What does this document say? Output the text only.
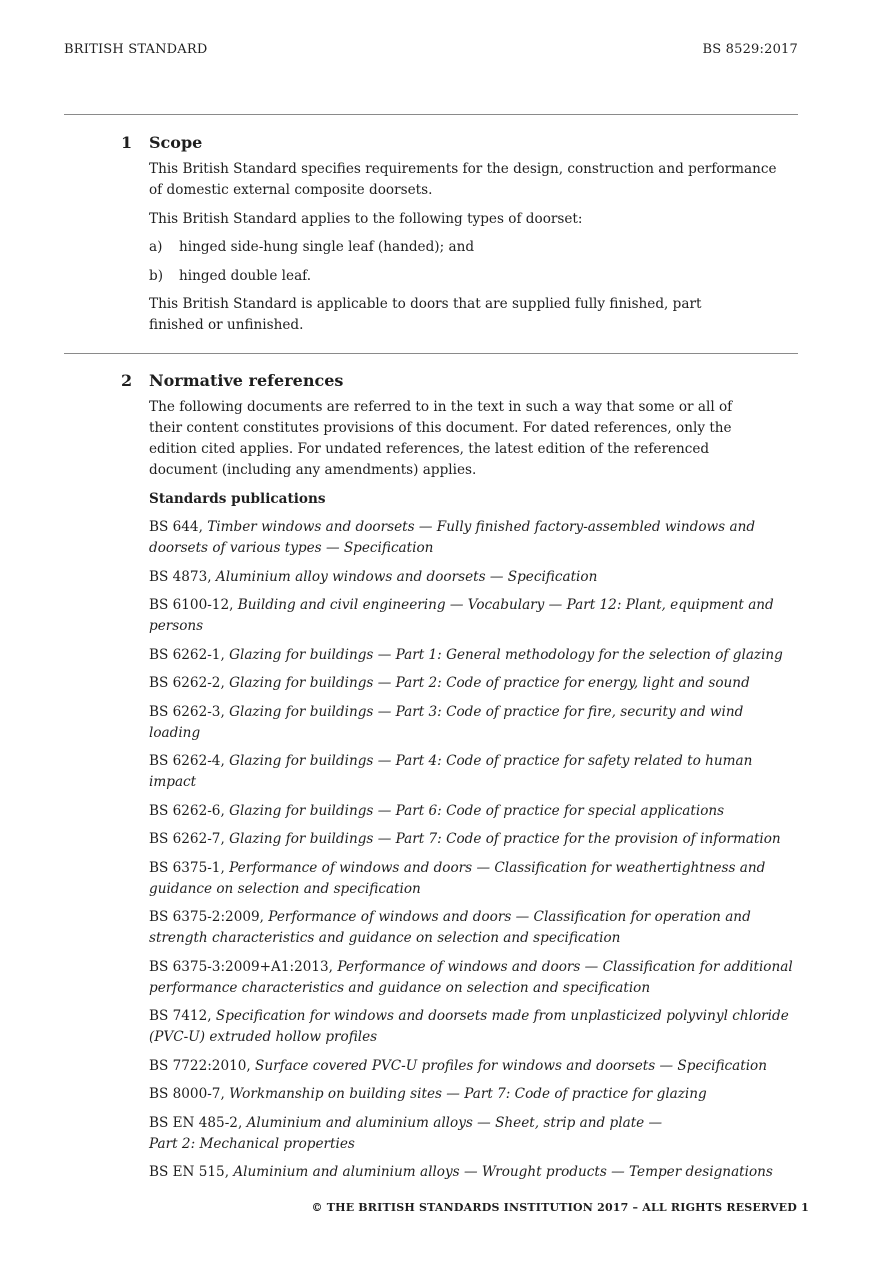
BRITISH STANDARD	BS 8529:2017
1 Scope

This British Standard specifies requirements for the design, construction and performance of domestic external composite doorsets.

This British Standard applies to the following types of doorset:

a) hinged side-hung single leaf (handed); and
b) hinged double leaf.

This British Standard is applicable to doors that are supplied fully finished, part finished or unfinished.

2 Normative references

The following documents are referred to in the text in such a way that some or all of their content constitutes provisions of this document. For dated references, only the edition cited applies. For undated references, the latest edition of the referenced document (including any amendments) applies.

Standards publications
BS 644, Timber windows and doorsets — Fully finished factory-assembled windows and doorsets of various types — Specification
BS 4873, Aluminium alloy windows and doorsets — Specification
BS 6100-12, Building and civil engineering — Vocabulary — Part 12: Plant, equipment and persons
BS 6262-1, Glazing for buildings — Part 1: General methodology for the selection of glazing
BS 6262-2, Glazing for buildings — Part 2: Code of practice for energy, light and sound
BS 6262-3, Glazing for buildings — Part 3: Code of practice for fire, security and wind loading
BS 6262-4, Glazing for buildings — Part 4: Code of practice for safety related to human impact
BS 6262-6, Glazing for buildings — Part 6: Code of practice for special applications
BS 6262-7, Glazing for buildings — Part 7: Code of practice for the provision of information
BS 6375-1, Performance of windows and doors — Classification for weathertightness and guidance on selection and specification
BS 6375-2:2009, Performance of windows and doors — Classification for operation and strength characteristics and guidance on selection and specification
BS 6375-3:2009+A1:2013, Performance of windows and doors — Classification for additional performance characteristics and guidance on selection and specification
BS 7412, Specification for windows and doorsets made from unplasticized polyvinyl chloride (PVC-U) extruded hollow profiles
BS 7722:2010, Surface covered PVC-U profiles for windows and doorsets — Specification
BS 8000-7, Workmanship on building sites — Part 7: Code of practice for glazing
BS EN 485-2, Aluminium and aluminium alloys — Sheet, strip and plate — Part 2: Mechanical properties
BS EN 515, Aluminium and aluminium alloys — Wrought products — Temper designations
© THE BRITISH STANDARDS INSTITUTION 2017 – ALL RIGHTS RESERVED 1
